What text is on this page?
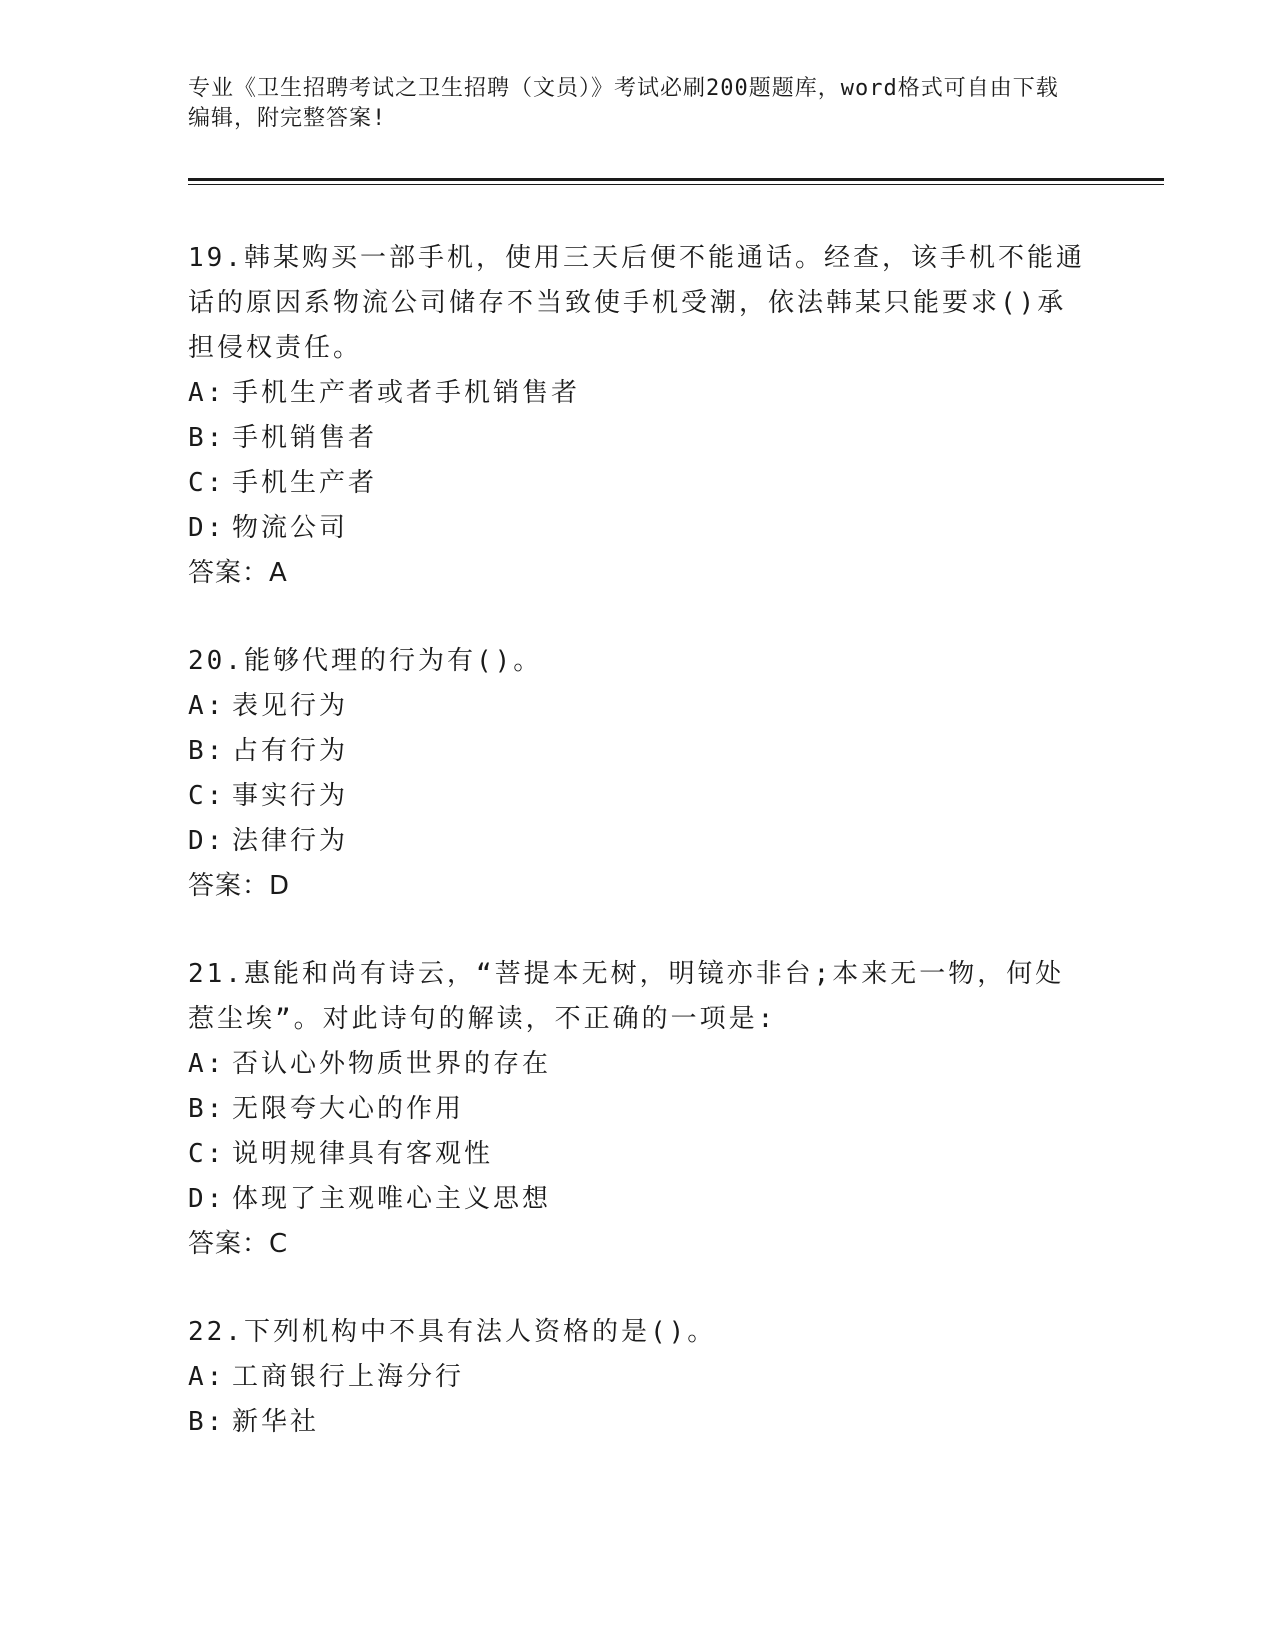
专业《卫生招聘考试之卫生招聘（文员）》考试必刷200题题库，word格式可自由下载编辑，附完整答案!

19.韩某购买一部手机，使用三天后便不能通话。经查，该手机不能通话的原因系物流公司储存不当致使手机受潮，依法韩某只能要求()承担侵权责任。

A: 手机生产者或者手机销售者
B: 手机销售者
C: 手机生产者
D: 物流公司
答案：A

20.能够代理的行为有()。

A: 表见行为
B: 占有行为
C: 事实行为
D: 法律行为
答案：D

21.惠能和尚有诗云，“菩提本无树，明镜亦非台;本来无一物，何处惹尘埃”。对此诗句的解读，不正确的一项是:

A: 否认心外物质世界的存在
B: 无限夸大心的作用
C: 说明规律具有客观性
D: 体现了主观唯心主义思想
答案：C

22.下列机构中不具有法人资格的是()。

A: 工商银行上海分行
B: 新华社
